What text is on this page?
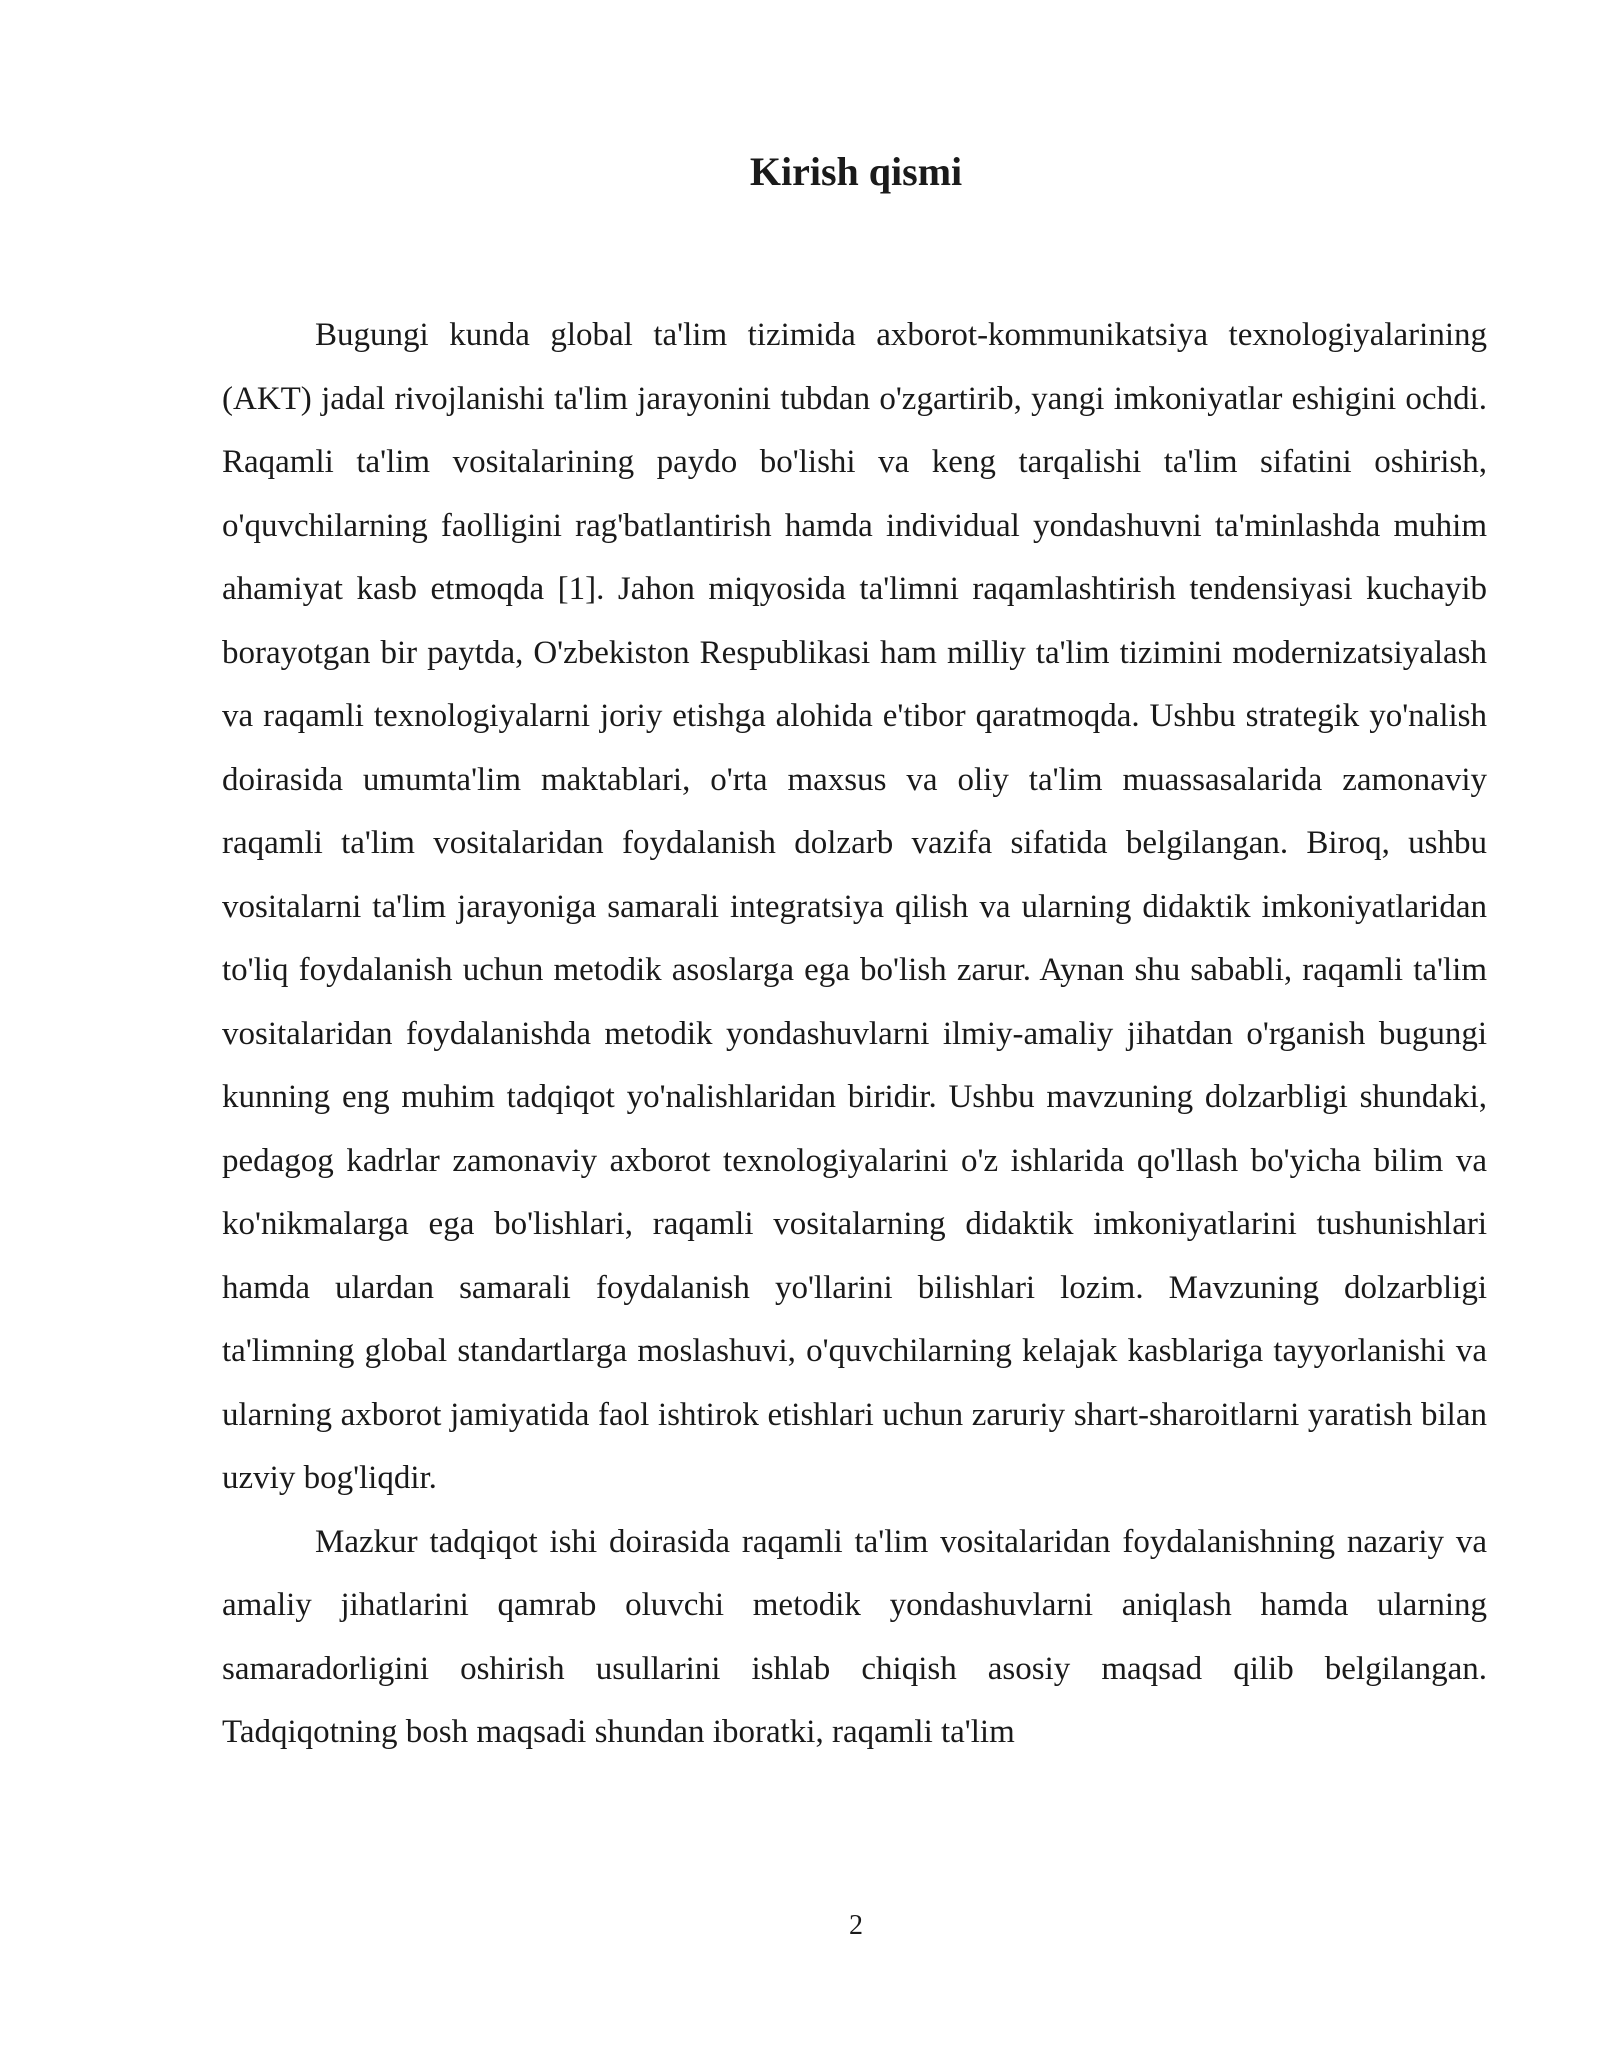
Kirish qismi

Bugungi kunda global ta'lim tizimida axborot-kommunikatsiya texnologiyalarining (AKT) jadal rivojlanishi ta'lim jarayonini tubdan o'zgartirib, yangi imkoniyatlar eshigini ochdi. Raqamli ta'lim vositalarining paydo bo'lishi va keng tarqalishi ta'lim sifatini oshirish, o'quvchilarning faolligini rag'batlantirish hamda individual yondashuvni ta'minlashda muhim ahamiyat kasb etmoqda [1]. Jahon miqyosida ta'limni raqamlashtirish tendensiyasi kuchayib borayotgan bir paytda, O'zbekiston Respublikasi ham milliy ta'lim tizimini modernizatsiyalash va raqamli texnologiyalarni joriy etishga alohida e'tibor qaratmoqda. Ushbu strategik yo'nalish doirasida umumta'lim maktablari, o'rta maxsus va oliy ta'lim muassasalarida zamonaviy raqamli ta'lim vositalaridan foydalanish dolzarb vazifa sifatida belgilangan. Biroq, ushbu vositalarni ta'lim jarayoniga samarali integratsiya qilish va ularning didaktik imkoniyatlaridan to'liq foydalanish uchun metodik asoslarga ega bo'lish zarur. Aynan shu sababli, raqamli ta'lim vositalaridan foydalanishda metodik yondashuvlarni ilmiy-amaliy jihatdan o'rganish bugungi kunning eng muhim tadqiqot yo'nalishlaridan biridir. Ushbu mavzuning dolzarbligi shundaki, pedagog kadrlar zamonaviy axborot texnologiyalarini o'z ishlarida qo'llash bo'yicha bilim va ko'nikmalarga ega bo'lishlari, raqamli vositalarning didaktik imkoniyatlarini tushunishlari hamda ulardan samarali foydalanish yo'llarini bilishlari lozim. Mavzuning dolzarbligi ta'limning global standartlarga moslashuvi, o'quvchilarning kelajak kasblariga tayyorlanishi va ularning axborot jamiyatida faol ishtirok etishlari uchun zaruriy shart-sharoitlarni yaratish bilan uzviy bog'liqdir.

Mazkur tadqiqot ishi doirasida raqamli ta'lim vositalaridan foydalanishning nazariy va amaliy jihatlarini qamrab oluvchi metodik yondashuvlarni aniqlash hamda ularning samaradorligini oshirish usullarini ishlab chiqish asosiy maqsad qilib belgilangan. Tadqiqotning bosh maqsadi shundan iboratki, raqamli ta'lim

2
